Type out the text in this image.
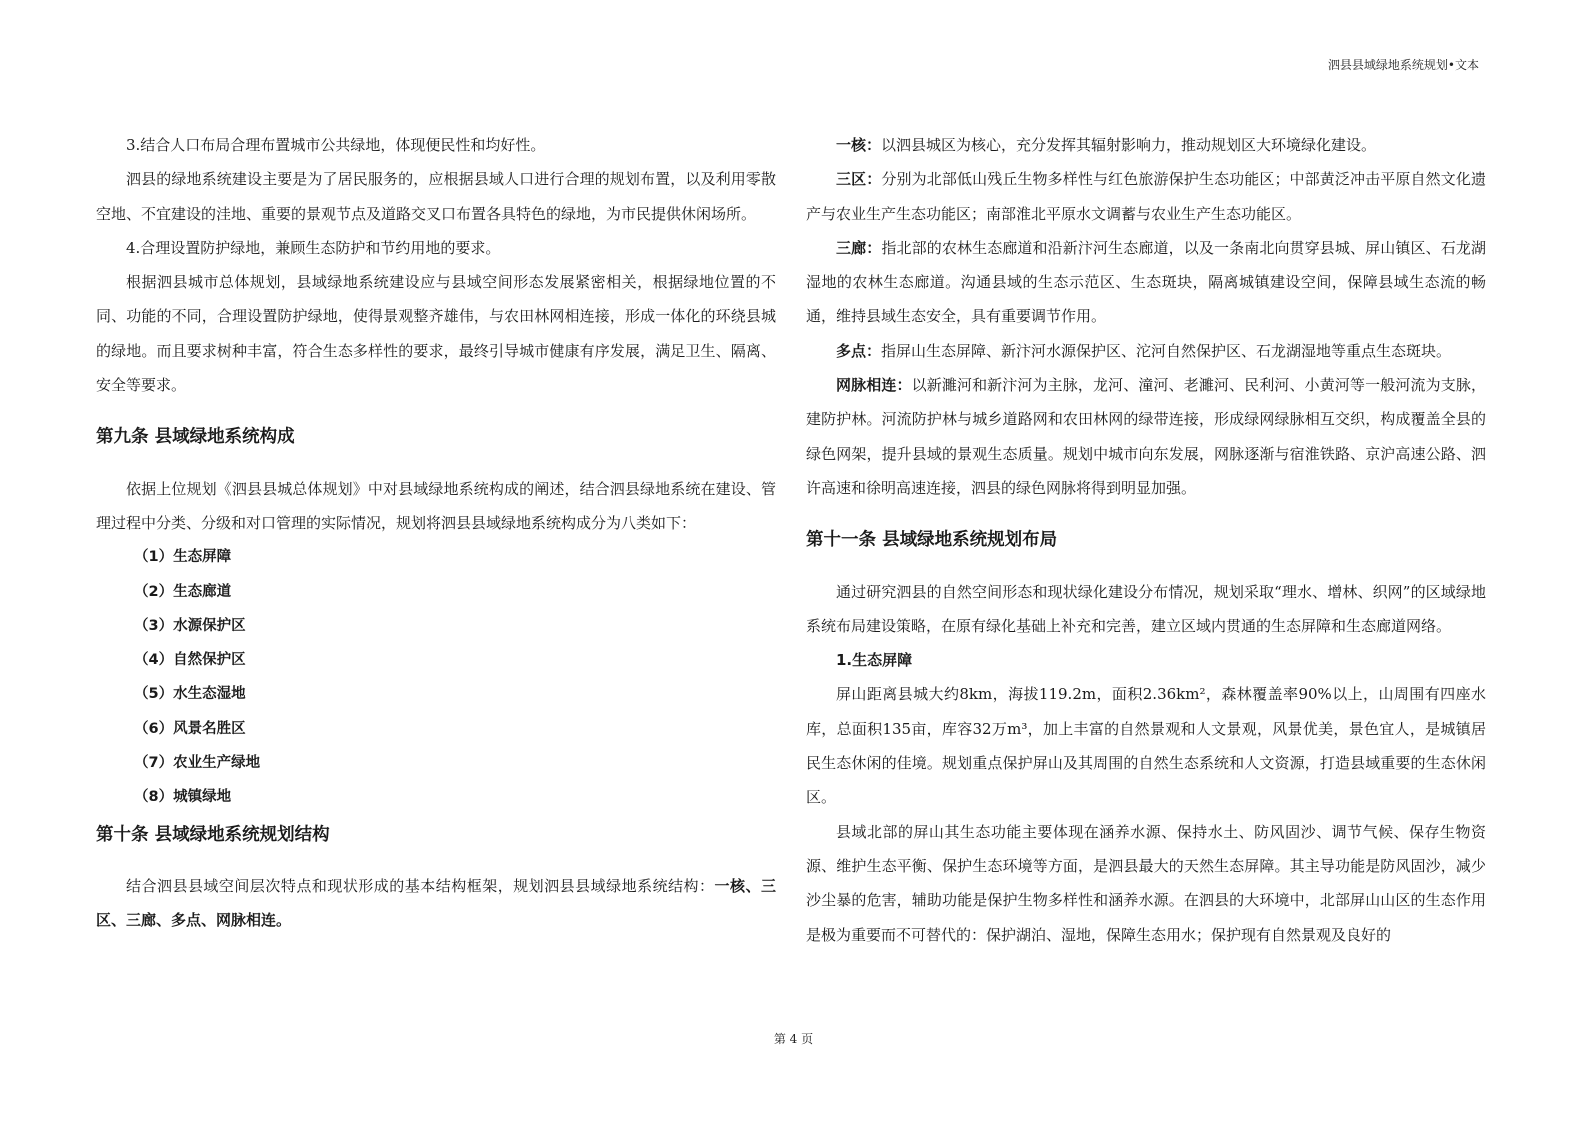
泗县县域绿地系统规划•文本

3.结合人口布局合理布置城市公共绿地，体现便民性和均好性。

泗县的绿地系统建设主要是为了居民服务的，应根据县域人口进行合理的规划布置，以及利用零散空地、不宜建设的洼地、重要的景观节点及道路交叉口布置各具特色的绿地，为市民提供休闲场所。

4.合理设置防护绿地，兼顾生态防护和节约用地的要求。

根据泗县城市总体规划，县域绿地系统建设应与县域空间形态发展紧密相关，根据绿地位置的不同、功能的不同，合理设置防护绿地，使得景观整齐雄伟，与农田林网相连接，形成一体化的环绕县城的绿地。而且要求树种丰富，符合生态多样性的要求，最终引导城市健康有序发展，满足卫生、隔离、安全等要求。

第九条 县域绿地系统构成

依据上位规划《泗县县城总体规划》中对县域绿地系统构成的阐述，结合泗县绿地系统在建设、管理过程中分类、分级和对口管理的实际情况，规划将泗县县域绿地系统构成分为八类如下：

（1）生态屏障

（2）生态廊道

（3）水源保护区

（4）自然保护区

（5）水生态湿地

（6）风景名胜区

（7）农业生产绿地

（8）城镇绿地

第十条 县域绿地系统规划结构

结合泗县县域空间层次特点和现状形成的基本结构框架，规划泗县县域绿地系统结构：一核、三区、三廊、多点、网脉相连。

一核：以泗县城区为核心，充分发挥其辐射影响力，推动规划区大环境绿化建设。

三区：分别为北部低山残丘生物多样性与红色旅游保护生态功能区；中部黄泛冲击平原自然文化遗产与农业生产生态功能区；南部淮北平原水文调蓄与农业生产生态功能区。

三廊：指北部的农林生态廊道和沿新汴河生态廊道，以及一条南北向贯穿县城、屏山镇区、石龙湖湿地的农林生态廊道。沟通县域的生态示范区、生态斑块，隔离城镇建设空间，保障县域生态流的畅通，维持县域生态安全，具有重要调节作用。

多点：指屏山生态屏障、新汴河水源保护区、沱河自然保护区、石龙湖湿地等重点生态斑块。

网脉相连：以新濉河和新汴河为主脉，龙河、潼河、老濉河、民利河、小黄河等一般河流为支脉，建防护林。河流防护林与城乡道路网和农田林网的绿带连接，形成绿网绿脉相互交织，构成覆盖全县的绿色网架，提升县域的景观生态质量。规划中城市向东发展，网脉逐渐与宿淮铁路、京沪高速公路、泗许高速和徐明高速连接，泗县的绿色网脉将得到明显加强。

第十一条 县域绿地系统规划布局

通过研究泗县的自然空间形态和现状绿化建设分布情况，规划采取“理水、增林、织网”的区域绿地系统布局建设策略，在原有绿化基础上补充和完善，建立区域内贯通的生态屏障和生态廊道网络。

1.生态屏障

屏山距离县城大约8km，海拔119.2m，面积2.36km²，森林覆盖率90%以上，山周围有四座水库，总面积135亩，库容32万m³，加上丰富的自然景观和人文景观，风景优美，景色宜人，是城镇居民生态休闲的佳境。规划重点保护屏山及其周围的自然生态系统和人文资源，打造县域重要的生态休闲区。

县域北部的屏山其生态功能主要体现在涵养水源、保持水土、防风固沙、调节气候、保存生物资源、维护生态平衡、保护生态环境等方面，是泗县最大的天然生态屏障。其主导功能是防风固沙，减少沙尘暴的危害，辅助功能是保护生物多样性和涵养水源。在泗县的大环境中，北部屏山山区的生态作用是极为重要而不可替代的：保护湖泊、湿地，保障生态用水；保护现有自然景观及良好的

第 4 页
